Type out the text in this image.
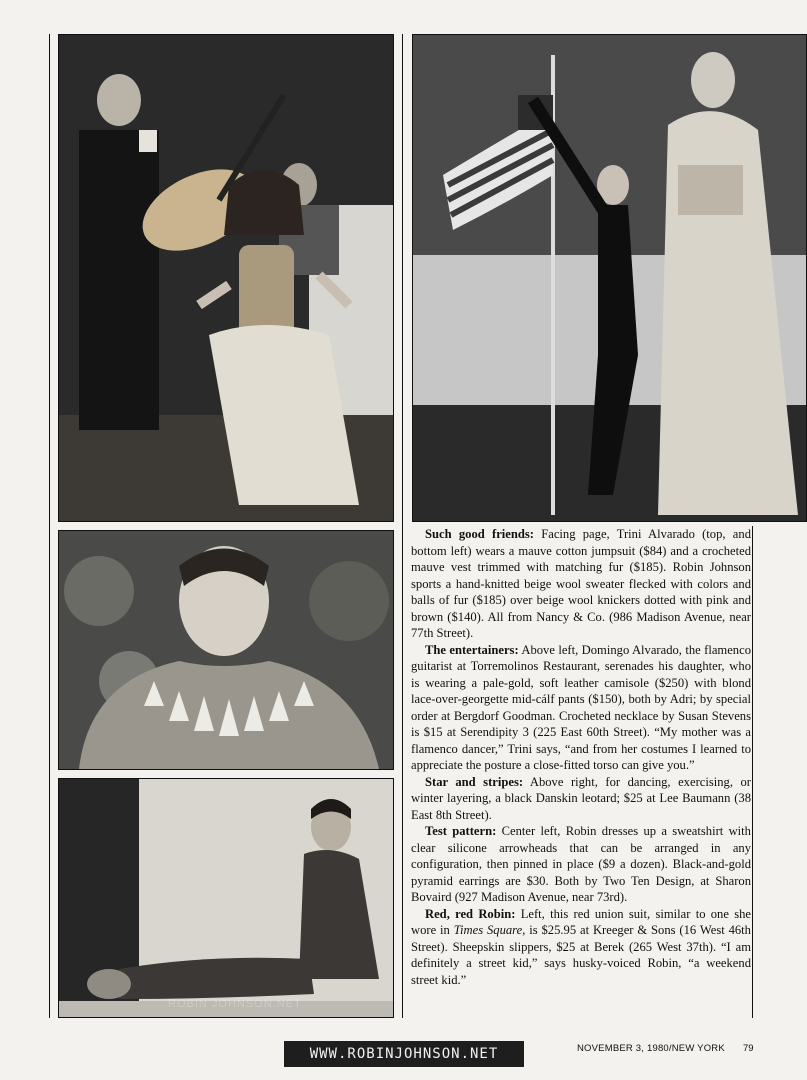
ROBIN JOHNSON.NET

Such good friends: Facing page, Trini Alvarado (top, and bottom left) wears a mauve cotton jumpsuit ($84) and a crocheted mauve vest trimmed with matching fur ($185). Robin Johnson sports a hand-knitted beige wool sweater flecked with colors and balls of fur ($185) over beige wool knickers dotted with pink and brown ($140). All from Nancy & Co. (986 Madison Avenue, near 77th Street).

The entertainers: Above left, Domingo Alvarado, the flamenco guitarist at Torremolinos Restaurant, serenades his daughter, who is wearing a pale-gold, soft leather camisole ($250) with blond lace-over-georgette mid-cálf pants ($150), both by Adri; by special order at Bergdorf Goodman. Crocheted necklace by Susan Stevens is $15 at Serendipity 3 (225 East 60th Street). “My mother was a flamenco dancer,” Trini says, “and from her costumes I learned to appreciate the posture a close-fitted torso can give you.”

Star and stripes: Above right, for dancing, exercising, or winter layering, a black Danskin leotard; $25 at Lee Baumann (38 East 8th Street).

Test pattern: Center left, Robin dresses up a sweatshirt with clear silicone arrowheads that can be arranged in any configuration, then pinned in place ($9 a dozen). Black-and-gold pyramid earrings are $30. Both by Two Ten Design, at Sharon Bovaird (927 Madison Avenue, near 73rd).

Red, red Robin: Left, this red union suit, similar to one she wore in Times Square, is $25.95 at Kreeger & Sons (16 West 46th Street). Sheepskin slippers, $25 at Berek (265 West 37th). “I am definitely a street kid,” says husky-voiced Robin, “a weekend street kid.”

WWW.ROBINJOHNSON.NET	NOVEMBER 3, 1980/NEW YORK 79
